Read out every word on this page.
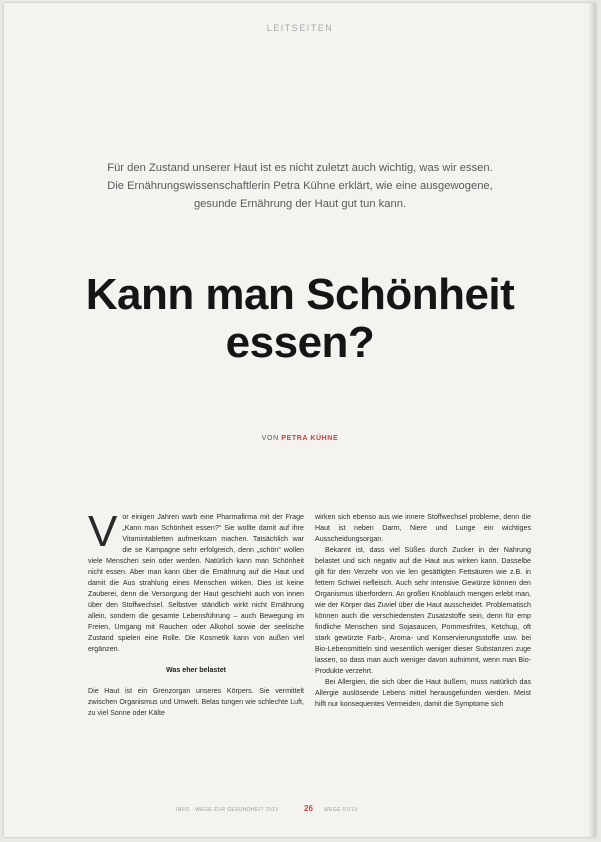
LEITSEITEN
Für den Zustand unserer Haut ist es nicht zuletzt auch wichtig, was wir essen. Die Ernährungswissenschaftlerin Petra Kühne erklärt, wie eine ausgewogene, gesunde Ernährung der Haut gut tun kann.
Kann man Schönheit
essen?
VON PETRA KÜHNE

Vor einigen Jahren warb eine Pharmafirma mit der Frage „Kann man Schönheit essen?“ Sie wollte damit auf ihre Vitamintabletten aufmerksam machen. Tatsächlich war die se Kampagne sehr erfolgreich, denn „schön“ wollen viele Menschen sein oder werden. Natürlich kann man Schönheit nicht essen. Aber man kann über die Ernährung auf die Haut und damit die Aus strahlung eines Menschen wirken. Dies ist keine Zauberei, denn die Versorgung der Haut geschieht auch von innen über den Stoffwechsel. Selbstver ständlich wirkt nicht Ernährung allein, sondern die gesamte Lebensführung – auch Bewegung im Freien, Umgang mit Rauchen oder Alkohol sowie der seelische Zustand spielen eine Rolle. Die Kosmetik kann von außen viel ergänzen.

Was eher belastet

Die Haut ist ein Grenzorgan unseres Körpers. Sie vermittelt zwischen Organismus und Umwelt. Belas tungen wie schlechte Luft, zu viel Sonne oder Kälte

wirken sich ebenso aus wie innere Stoffwechsel probleme, denn die Haut ist neben Darm, Niere und Lunge ein wichtiges Ausscheidungsorgan.

Bekannt ist, dass viel Süßes durch Zucker in der Nahrung belastet und sich negativ auf die Haut aus wirken kann. Dasselbe gilt für den Verzehr von vie len gesättigten Fettsäuren wie z.B. in fettem Schwei nefleisch. Auch sehr intensive Gewürze können den Organismus überfordern. An großen Knoblauch mengen erlebt man, wie der Körper das Zuviel über die Haut ausscheidet. Problematisch können auch die verschiedensten Zusatzstoffe sein, denn für emp findliche Menschen sind Sojasaucen, Pommesfrites, Ketchup, oft stark gewürzte Farb-, Aroma- und Konservierungsstoffe usw. bei Bio-Lebensmitteln sind wesentlich weniger dieser Substanzen zuge lassen, so dass man auch weniger davon aufnimmt, wenn man Bio-Produkte verzehrt.

Bei Allergien, die sich über die Haut äußern, muss natürlich das Allergie auslösende Lebens mittel herausgefunden werden. Meist hilft nur konsequentes Vermeiden, damit die Symptome sich

INFO · WEGE ZUR GESUNDHEIT 2013	26 WEGE 01/13
